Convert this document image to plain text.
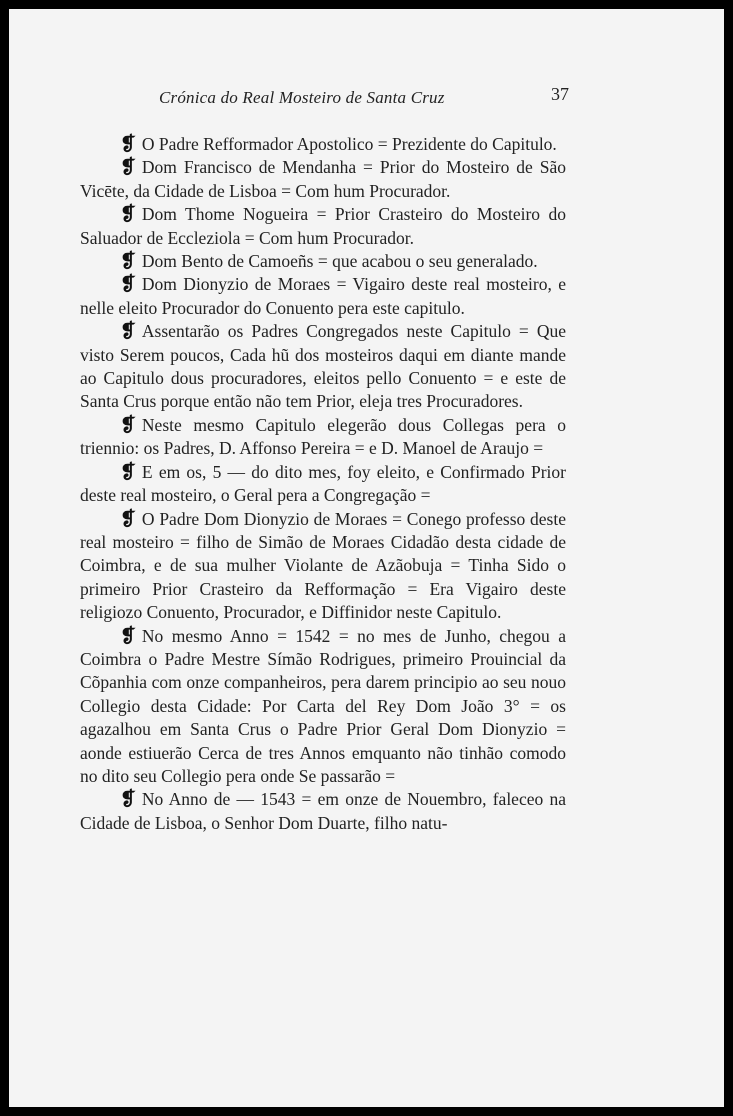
Crónica do Real Mosteiro de Santa Cruz	37

❡ O Padre Refformador Apostolico = Prezidente do Capitulo.

❡ Dom Francisco de Mendanha = Prior do Mosteiro de São Vicēte, da Cidade de Lisboa = Com hum Procurador.

❡ Dom Thome Nogueira = Prior Crasteiro do Mosteiro do Saluador de Eccleziola = Com hum Procurador.

❡ Dom Bento de Camoeñs = que acabou o seu generalado.

❡ Dom Dionyzio de Moraes = Vigairo deste real mosteiro, e nelle eleito Procurador do Conuento pera este capitulo.

❡ Assentarão os Padres Congregados neste Capitulo = Que visto Serem poucos, Cada hũ dos mosteiros daqui em diante mande ao Capitulo dous procuradores, eleitos pello Conuento = e este de Santa Crus porque então não tem Prior, eleja tres Procuradores.

❡ Neste mesmo Capitulo elegerão dous Collegas pera o triennio: os Padres, D. Affonso Pereira = e D. Manoel de Araujo =

❡ E em os, 5 — do dito mes, foy eleito, e Confirmado Prior deste real mosteiro, o Geral pera a Congregação =

❡ O Padre Dom Dionyzio de Moraes = Conego professo deste real mosteiro = filho de Simão de Moraes Cidadão desta cidade de Coimbra, e de sua mulher Violante de Azãobuja = Tinha Sido o primeiro Prior Crasteiro da Refformação = Era Vigairo deste religiozo Conuento, Procurador, e Diffinidor neste Capitulo.

❡ No mesmo Anno = 1542 = no mes de Junho, chegou a Coimbra o Padre Mestre Símão Rodrigues, primeiro Prouincial da Cõpanhia com onze companheiros, pera darem principio ao seu nouo Collegio desta Cidade: Por Carta del Rey Dom João 3° = os agazalhou em Santa Crus o Padre Prior Geral Dom Dionyzio = aonde estiuerão Cerca de tres Annos emquanto não tinhão comodo no dito seu Collegio pera onde Se passarão =

❡ No Anno de — 1543 = em onze de Nouembro, faleceo na Cidade de Lisboa, o Senhor Dom Duarte, filho natu-
